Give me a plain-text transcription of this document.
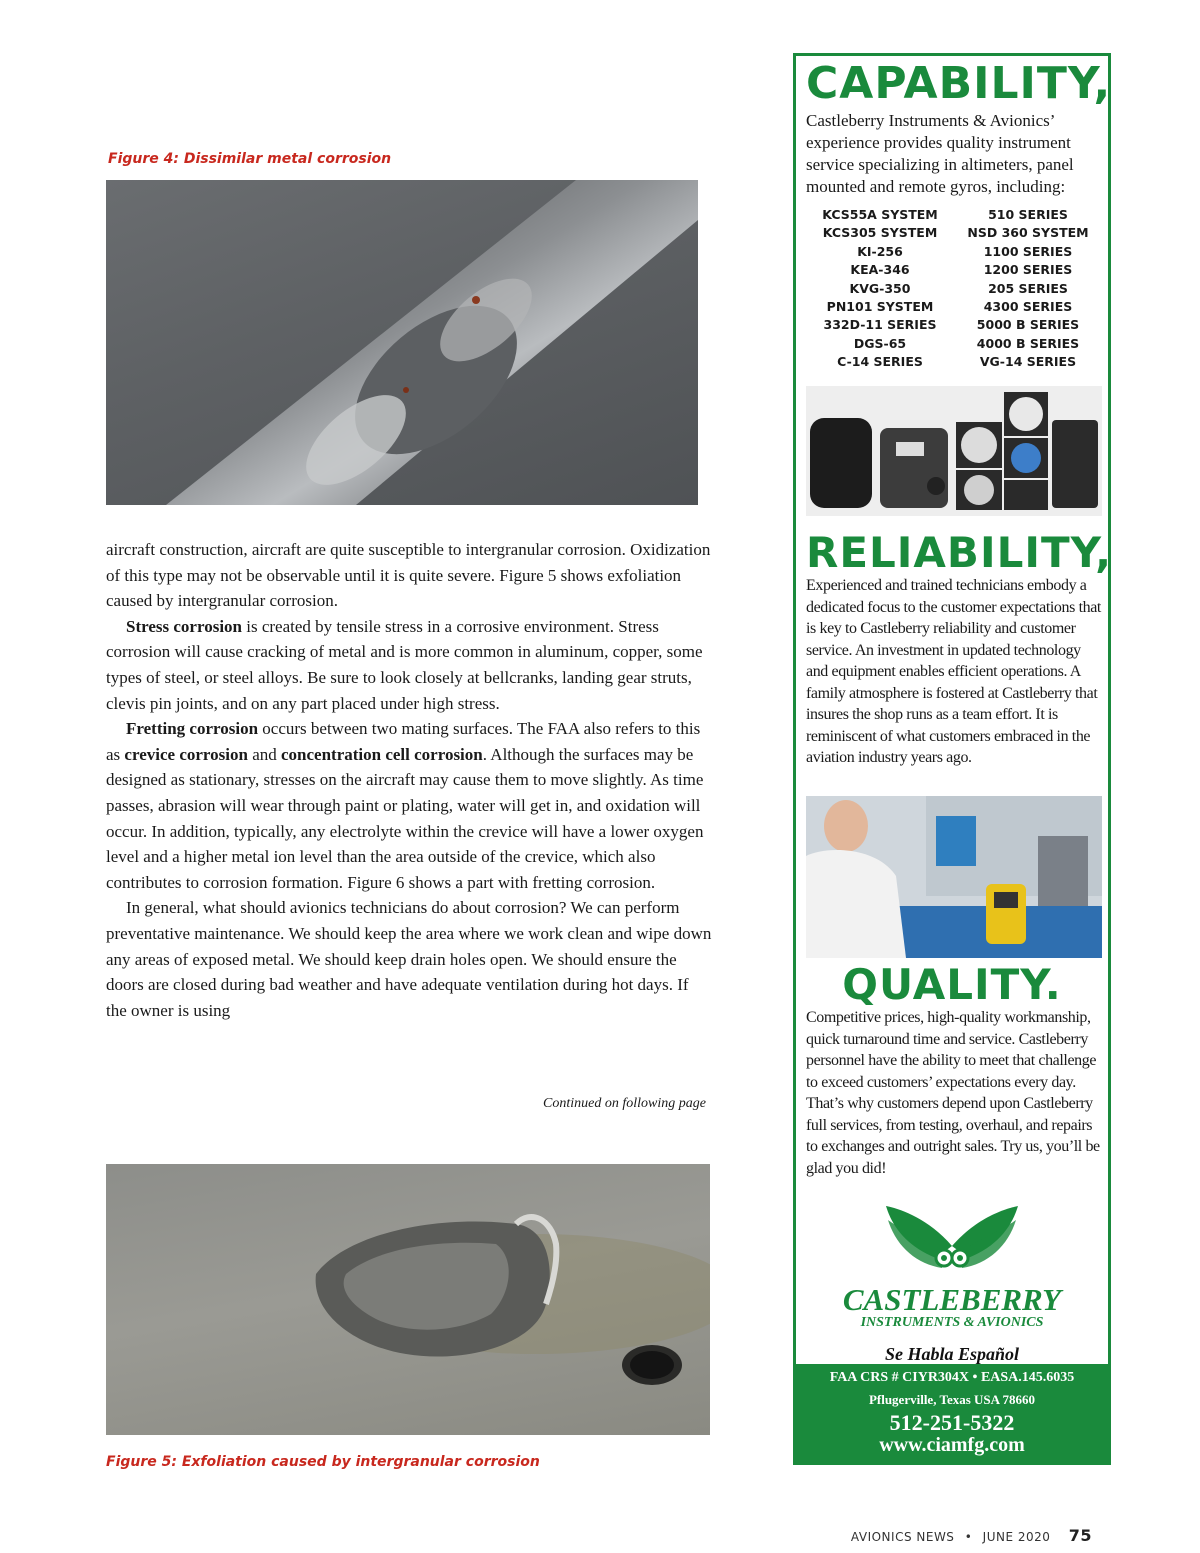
Figure 4: Dissimilar metal corrosion

aircraft construction, aircraft are quite susceptible to intergranular corrosion. Oxidization of this type may not be observable until it is quite severe. Figure 5 shows exfoliation caused by intergranular corrosion.

Stress corrosion is created by tensile stress in a corrosive environment. Stress corrosion will cause cracking of metal and is more common in aluminum, copper, some types of steel, or steel alloys. Be sure to look closely at bellcranks, landing gear struts, clevis pin joints, and on any part placed under high stress.

Fretting corrosion occurs between two mating surfaces. The FAA also refers to this as crevice corrosion and concentration cell corrosion. Although the surfaces may be designed as stationary, stresses on the aircraft may cause them to move slightly. As time passes, abrasion will wear through paint or plating, water will get in, and oxidation will occur. In addition, typically, any electrolyte within the crevice will have a lower oxygen level and a higher metal ion level than the area outside of the crevice, which also contributes to corrosion formation. Figure 6 shows a part with fretting corrosion.

In general, what should avionics technicians do about corrosion? We can perform preventative maintenance. We should keep the area where we work clean and wipe down any areas of exposed metal. We should keep drain holes open. We should ensure the doors are closed during bad weather and have adequate ventilation during hot days. If the owner is using

Continued on following page

Figure 5: Exfoliation caused by intergranular corrosion

CAPABILITY,

Castleberry Instruments & Avionics’ experience provides quality instrument service specializing in altimeters, panel mounted and remote gyros, including:

KCS55A SYSTEM
KCS305 SYSTEM
KI-256
KEA-346
KVG-350
PN101 SYSTEM
332D-11 SERIES
DGS-65
C-14 SERIES
510 SERIES
NSD 360 SYSTEM
1100 SERIES
1200 SERIES
205 SERIES
4300 SERIES
5000 B SERIES
4000 B SERIES
VG-14 SERIES
RELIABILITY,

Experienced and trained technicians embody a dedicated focus to the customer expectations that is key to Castleberry reliability and customer service. An investment in updated technology and equipment enables efficient operations. A family atmosphere is fostered at Castleberry that insures the shop runs as a team effort. It is reminiscent of what customers embraced in the aviation industry years ago.

QUALITY.

Competitive prices, high-quality workmanship, quick turnaround time and service. Castleberry personnel have the ability to meet that challenge to exceed customers’ expectations every day. That’s why customers depend upon Castleberry full services, from testing, overhaul, and repairs to exchanges and outright sales. Try us, you’ll be glad you did!

CASTLEBERRY
INSTRUMENTS & AVIONICS
Se Habla Español
FAA CRS # CIYR304X • EASA.145.6035
Pflugerville, Texas USA 78660
512-251-5322
www.ciamfg.com
AVIONICS NEWS • JUNE 2020 75
